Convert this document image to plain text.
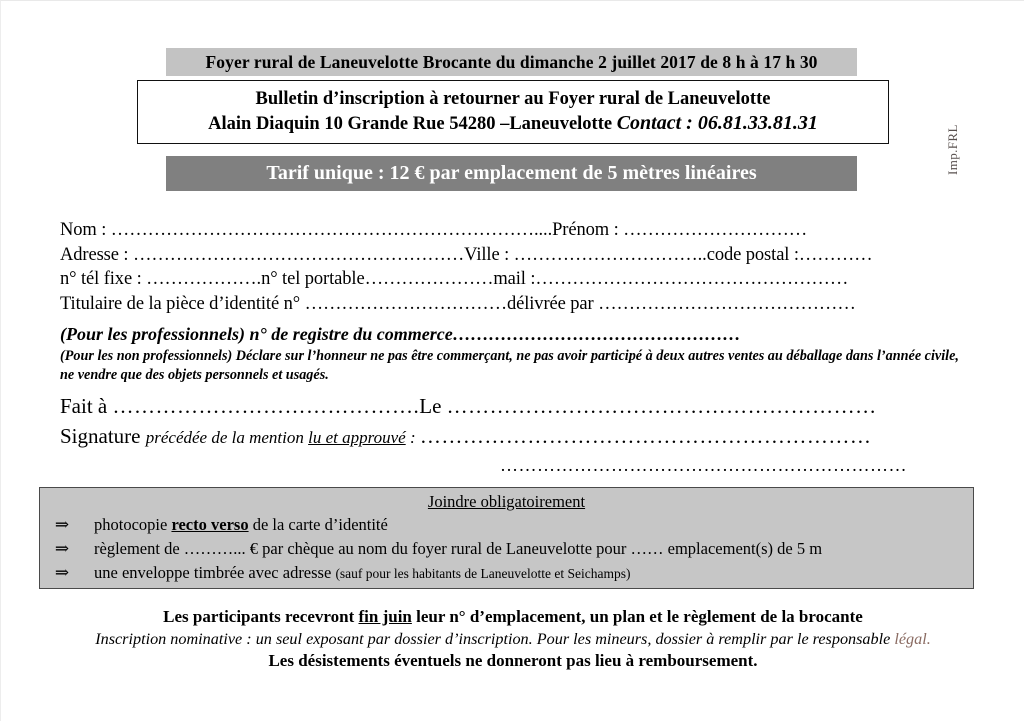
Foyer rural de Laneuvelotte Brocante du dimanche 2 juillet 2017 de 8 h à 17 h 30
Bulletin d’inscription à retourner au Foyer rural de Laneuvelotte
Alain Diaquin 10 Grande Rue 54280 –Laneuvelotte Contact : 06.81.33.81.31
Tarif unique : 12 € par emplacement de 5 mètres linéaires	Imp.FRL
Nom : ……………………………………………………………....Prénom : …………………………
Adresse : ………………………………………………Ville : …………………………..code postal :…………
n° tél fixe : ……………….n° tel portable…………………mail :……………………………………………
Titulaire de la pièce d’identité n° ……………………………délivrée par ……………………………………
(Pour les professionnels) n° de registre du commerce…………………………………………
(Pour les non professionnels) Déclare sur l’honneur ne pas être commerçant, ne pas avoir participé à deux autres ventes au déballage dans l’année civile, ne vendre que des objets personnels et usagés.
Fait à …………………………………….Le ……………………………………………………
Signature précédée de la mention lu et approuvé : ………………………………………………………
…………………………………………………………
Joindre obligatoirement
⇒	photocopie recto verso de la carte d’identité
⇒	règlement de ………... € par chèque au nom du foyer rural de Laneuvelotte pour …… emplacement(s) de 5 m
⇒	une enveloppe timbrée avec adresse (sauf pour les habitants de Laneuvelotte et Seichamps)
Les participants recevront fin juin leur n° d’emplacement, un plan et le règlement de la brocante
Inscription nominative : un seul exposant par dossier d’inscription. Pour les mineurs, dossier à remplir par le responsable légal.
Les désistements éventuels ne donneront pas lieu à remboursement.
